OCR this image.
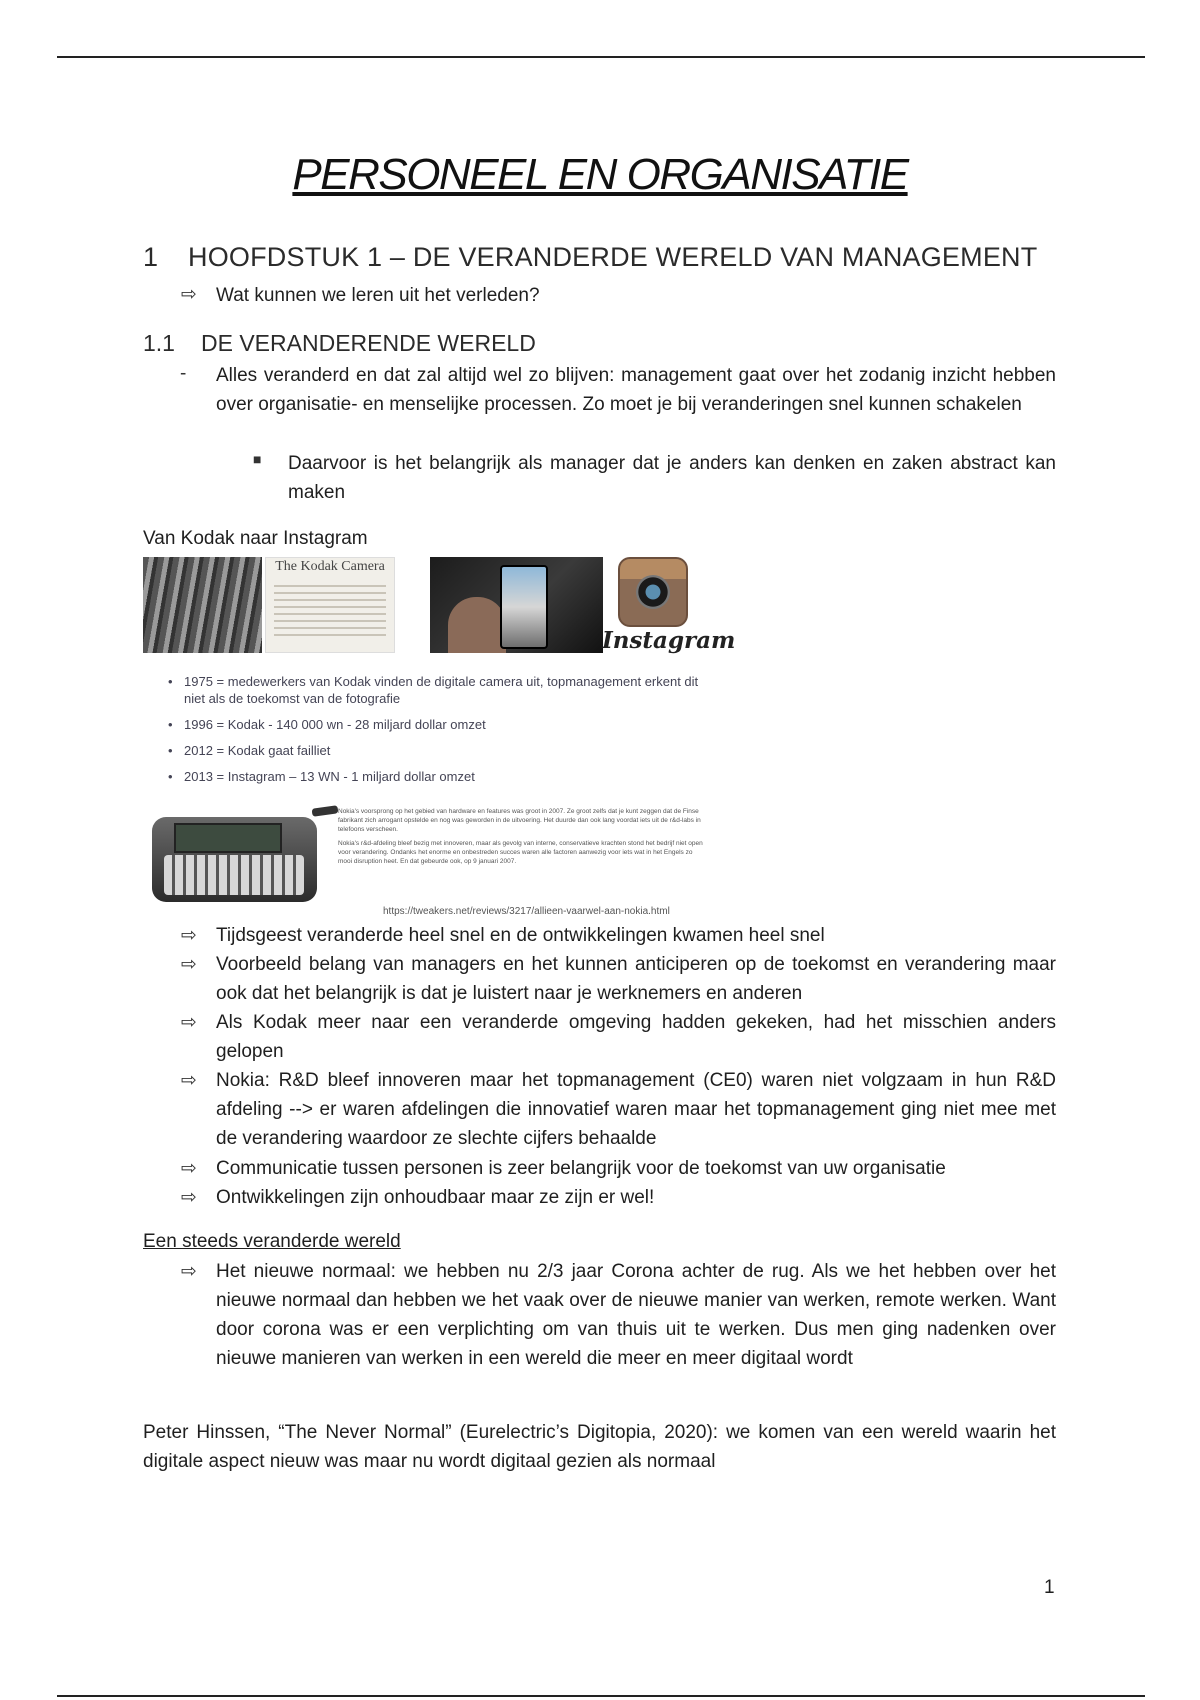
PERSONEEL EN ORGANISATIE
1 HOOFDSTUK 1 – DE VERANDERDE WERELD VAN MANAGEMENT
⇨ Wat kunnen we leren uit het verleden?
1.1 DE VERANDERENDE WERELD
-	Alles veranderd en dat zal altijd wel zo blijven: management gaat over het zodanig inzicht hebben over organisatie- en menselijke processen. Zo moet je bij veranderingen snel kunnen schakelen
■	Daarvoor is het belangrijk als manager dat je anders kan denken en zaken abstract kan maken
Van Kodak naar Instagram
The Kodak Camera
Instagram
• 1975 = medewerkers van Kodak vinden de digitale camera uit, topmanagement erkent dit niet als de toekomst van de fotografie
• 1996 = Kodak - 140 000 wn - 28 miljard dollar omzet
• 2012 = Kodak gaat failliet
• 2013 = Instagram – 13 WN - 1 miljard dollar omzet

Nokia's voorsprong op het gebied van hardware en features was groot in 2007. Ze groot zelfs dat je kunt zeggen dat de Finse fabrikant zich arrogant opstelde en nog was geworden in de uitvoering. Het duurde dan ook lang voordat iets uit de r&d-labs in telefoons verscheen.

Nokia's r&d-afdeling bleef bezig met innoveren, maar als gevolg van interne, conservatieve krachten stond het bedrijf niet open voor verandering. Ondanks het enorme en onbestreden succes waren alle factoren aanwezig voor iets wat in het Engels zo mooi disruption heet. En dat gebeurde ook, op 9 januari 2007.

https://tweakers.net/reviews/3217/allieen-vaarwel-aan-nokia.html
⇨ Tijdsgeest veranderde heel snel en de ontwikkelingen kwamen heel snel
⇨ Voorbeeld belang van managers en het kunnen anticiperen op de toekomst en verandering maar ook dat het belangrijk is dat je luistert naar je werknemers en anderen
⇨ Als Kodak meer naar een veranderde omgeving hadden gekeken, had het misschien anders gelopen
⇨ Nokia: R&D bleef innoveren maar het topmanagement (CE0) waren niet volgzaam in hun R&D afdeling --> er waren afdelingen die innovatief waren maar het topmanagement ging niet mee met de verandering waardoor ze slechte cijfers behaalde
⇨ Communicatie tussen personen is zeer belangrijk voor de toekomst van uw organisatie
⇨ Ontwikkelingen zijn onhoudbaar maar ze zijn er wel!
Een steeds veranderde wereld
⇨ Het nieuwe normaal: we hebben nu 2/3 jaar Corona achter de rug. Als we het hebben over het nieuwe normaal dan hebben we het vaak over de nieuwe manier van werken, remote werken. Want door corona was er een verplichting om van thuis uit te werken. Dus men ging nadenken over nieuwe manieren van werken in een wereld die meer en meer digitaal wordt
Peter Hinssen, “The Never Normal” (Eurelectric’s Digitopia, 2020): we komen van een wereld waarin het digitale aspect nieuw was maar nu wordt digitaal gezien als normaal
1
